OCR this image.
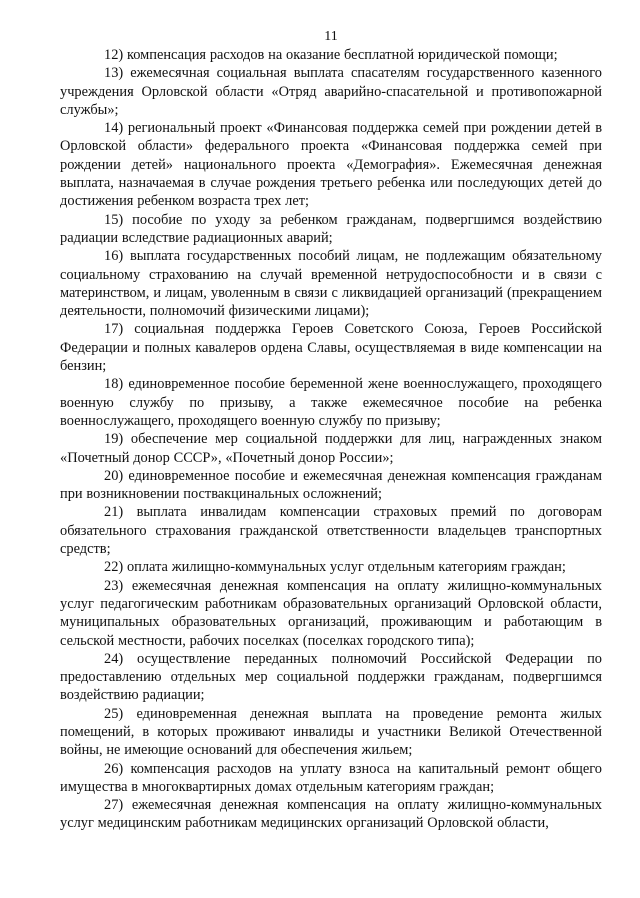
11

12) компенсация расходов на оказание бесплатной юридической помощи;

13) ежемесячная социальная выплата спасателям государственного казенного учреждения Орловской области «Отряд аварийно-спасательной и противопожарной службы»;

14) региональный проект «Финансовая поддержка семей при рождении детей в Орловской области» федерального проекта «Финансовая поддержка семей при рождении детей» национального проекта «Демография». Ежемесячная денежная выплата, назначаемая в случае рождения третьего ребенка или последующих детей до достижения ребенком возраста трех лет;

15) пособие по уходу за ребенком гражданам, подвергшимся воздействию радиации вследствие радиационных аварий;

16) выплата государственных пособий лицам, не подлежащим обязательному социальному страхованию на случай временной нетрудоспособности и в связи с материнством, и лицам, уволенным в связи с ликвидацией организаций (прекращением деятельности, полномочий физическими лицами);

17) социальная поддержка Героев Советского Союза, Героев Российской Федерации и полных кавалеров ордена Славы, осуществляемая в виде компенсации на бензин;

18) единовременное пособие беременной жене военнослужащего, проходящего военную службу по призыву, а также ежемесячное пособие на ребенка военнослужащего, проходящего военную службу по призыву;

19) обеспечение мер социальной поддержки для лиц, награжденных знаком «Почетный донор СССР», «Почетный донор России»;

20) единовременное пособие и ежемесячная денежная компенсация гражданам при возникновении поствакцинальных осложнений;

21) выплата инвалидам компенсации страховых премий по договорам обязательного страхования гражданской ответственности владельцев транспортных средств;

22) оплата жилищно-коммунальных услуг отдельным категориям граждан;

23) ежемесячная денежная компенсация на оплату жилищно-коммунальных услуг педагогическим работникам образовательных организаций Орловской области, муниципальных образовательных организаций, проживающим и работающим в сельской местности, рабочих поселках (поселках городского типа);

24) осуществление переданных полномочий Российской Федерации по предоставлению отдельных мер социальной поддержки гражданам, подвергшимся воздействию радиации;

25) единовременная денежная выплата на проведение ремонта жилых помещений, в которых проживают инвалиды и участники Великой Отечественной войны, не имеющие оснований для обеспечения жильем;

26) компенсация расходов на уплату взноса на капитальный ремонт общего имущества в многоквартирных домах отдельным категориям граждан;

27) ежемесячная денежная компенсация на оплату жилищно-коммунальных услуг медицинским работникам медицинских организаций Орловской области,
